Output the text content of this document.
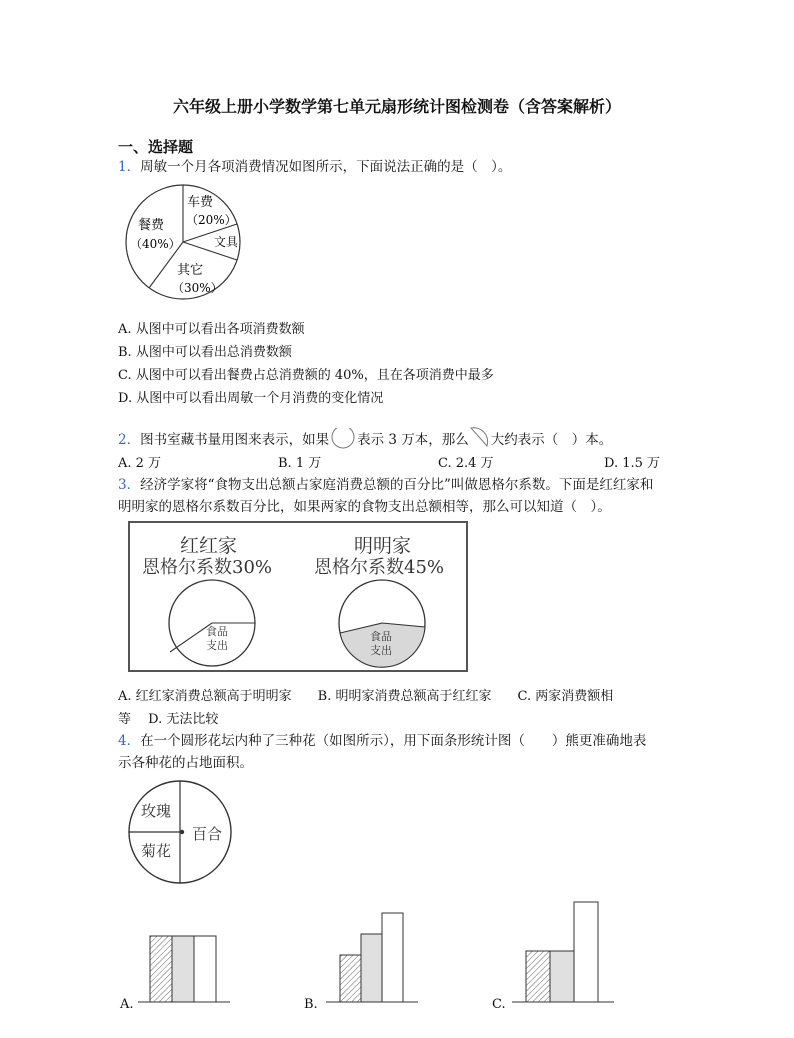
六年级上册小学数学第七单元扇形统计图检测卷（含答案解析）
一、选择题
1．周敏一个月各项消费情况如图所示，下面说法正确的是（　）。
车费
（20%）
餐费
（40%）	文具
其它
（30%）
A. 从图中可以看出各项消费数额
B. 从图中可以看出总消费数额
C. 从图中可以看出餐费占总消费额的 40%，且在各项消费中最多
D. 从图中可以看出周敏一个月消费的变化情况
2．图书室藏书量用图来表示，如果 表示 3 万本，那么 大约表示（　）本。
A. 2 万	B. 1 万	C. 2.4 万	D. 1.5 万
3．经济学家将“食物支出总额占家庭消费总额的百分比”叫做恩格尔系数。下面是红红家和
明明家的恩格尔系数百分比，如果两家的食物支出总额相等，那么可以知道（　）。
红红家
恩格尔系数30%
明明家
恩格尔系数45%
食品
支出
食品
支出
A. 红红家消费总额高于明明家　　B. 明明家消费总额高于红红家　　C. 两家消费额相
等　 D. 无法比较
4．在一个圆形花坛内种了三种花（如图所示），用下面条形统计图（　　）熊更准确地表
示各种花的占地面积。
玫瑰
百合
菊花
A.	B.	C.
